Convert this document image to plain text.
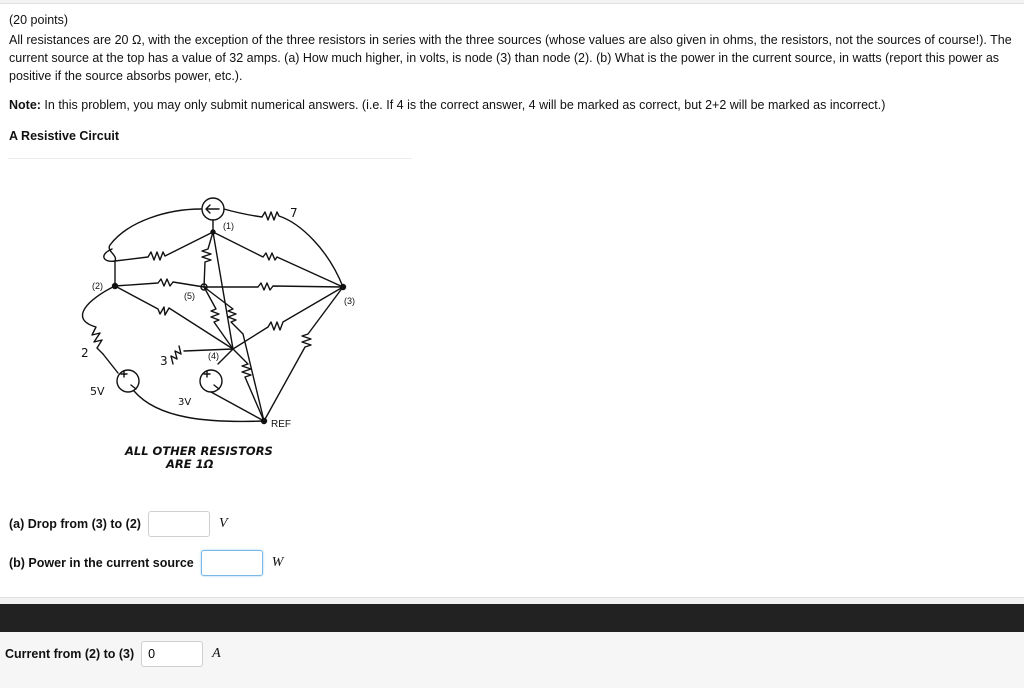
(20 points)
All resistances are 20 Ω, with the exception of the three resistors in series with the three sources (whose values are also given in ohms, the resistors, not the sources of course!). The current source at the top has a value of 32 amps. (a) How much higher, in volts, is node (3) than node (2). (b) What is the power in the current source, in watts (report this power as positive if the source absorbs power, etc.).
Note: In this problem, you may only submit numerical answers. (i.e. If 4 is the correct answer, 4 will be marked as correct, but 2+2 will be marked as incorrect.)
A Resistive Circuit
(1)
(2)
(3)
(4)
(5)
REF
7
2
3
5V
3V
ALL OTHER RESISTORS
ARE 1Ω
(a) Drop from (3) to (2)	V
(b) Power in the current source	W
Current from (2) to (3)
0	A
